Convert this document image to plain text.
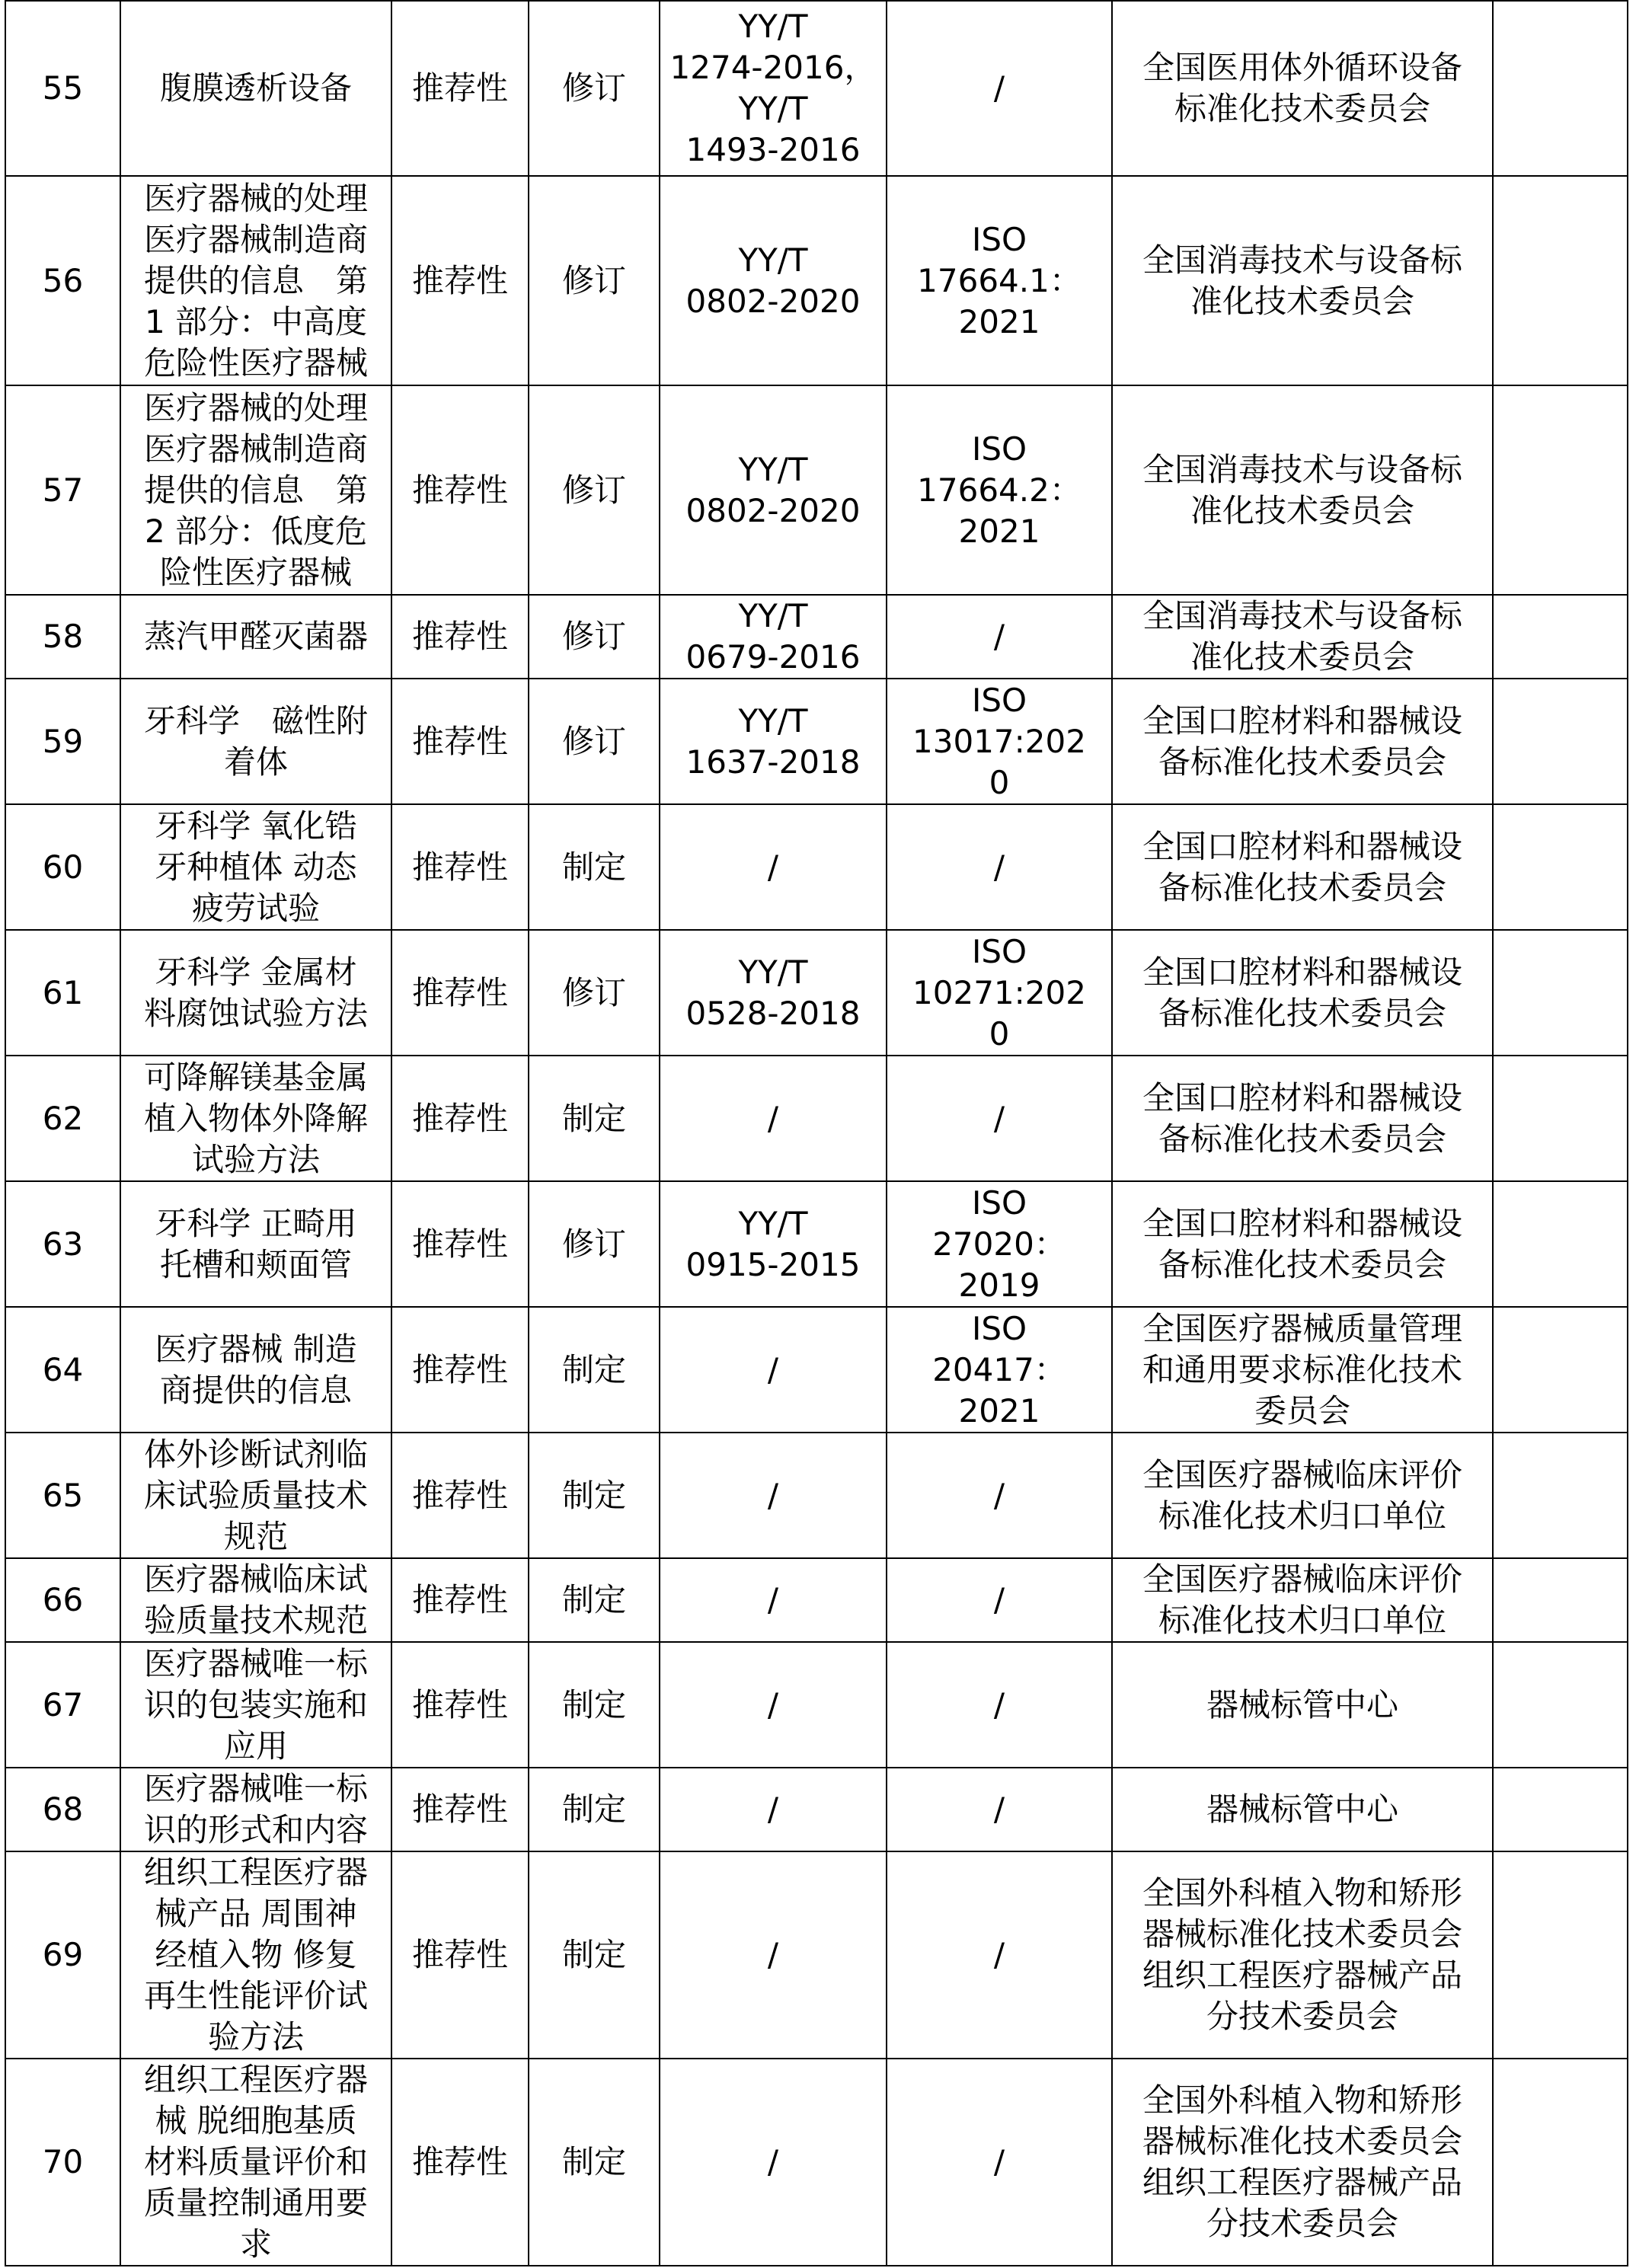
55	腹膜透析设备	推荐性	修订	YY/T
1274-2016，
YY/T
1493-2016	/	全国医用体外循环设备
标准化技术委员会	

56	医疗器械的处理
医疗器械制造商
提供的信息　第
1 部分：中高度
危险性医疗器械	推荐性	修订	YY/T
0802-2020	ISO
17664.1：
2021	全国消毒技术与设备标
准化技术委员会	

57	医疗器械的处理
医疗器械制造商
提供的信息　第
2 部分：低度危
险性医疗器械	推荐性	修订	YY/T
0802-2020	ISO
17664.2：
2021	全国消毒技术与设备标
准化技术委员会	

58	蒸汽甲醛灭菌器	推荐性	修订	YY/T
0679-2016	/	全国消毒技术与设备标
准化技术委员会	

59	牙科学　磁性附
着体	推荐性	修订	YY/T
1637-2018	ISO
13017:202
0	全国口腔材料和器械设
备标准化技术委员会	

60	牙科学 氧化锆
牙种植体 动态
疲劳试验	推荐性	制定	/	/	全国口腔材料和器械设
备标准化技术委员会	

61	牙科学 金属材
料腐蚀试验方法	推荐性	修订	YY/T
0528-2018	ISO
10271:202
0	全国口腔材料和器械设
备标准化技术委员会	

62	可降解镁基金属
植入物体外降解
试验方法	推荐性	制定	/	/	全国口腔材料和器械设
备标准化技术委员会	

63	牙科学 正畸用
托槽和颊面管	推荐性	修订	YY/T
0915-2015	ISO
27020：
2019	全国口腔材料和器械设
备标准化技术委员会	

64	医疗器械 制造
商提供的信息	推荐性	制定	/	ISO
20417：
2021	全国医疗器械质量管理
和通用要求标准化技术
委员会	

65	体外诊断试剂临
床试验质量技术
规范	推荐性	制定	/	/	全国医疗器械临床评价
标准化技术归口单位	

66	医疗器械临床试
验质量技术规范	推荐性	制定	/	/	全国医疗器械临床评价
标准化技术归口单位	

67	医疗器械唯一标
识的包装实施和
应用	推荐性	制定	/	/	器械标管中心	

68	医疗器械唯一标
识的形式和内容	推荐性	制定	/	/	器械标管中心	

69	组织工程医疗器
械产品 周围神
经植入物 修复
再生性能评价试
验方法	推荐性	制定	/	/	全国外科植入物和矫形
器械标准化技术委员会
组织工程医疗器械产品
分技术委员会	

70	组织工程医疗器
械 脱细胞基质
材料质量评价和
质量控制通用要
求	推荐性	制定	/	/	全国外科植入物和矫形
器械标准化技术委员会
组织工程医疗器械产品
分技术委员会	
